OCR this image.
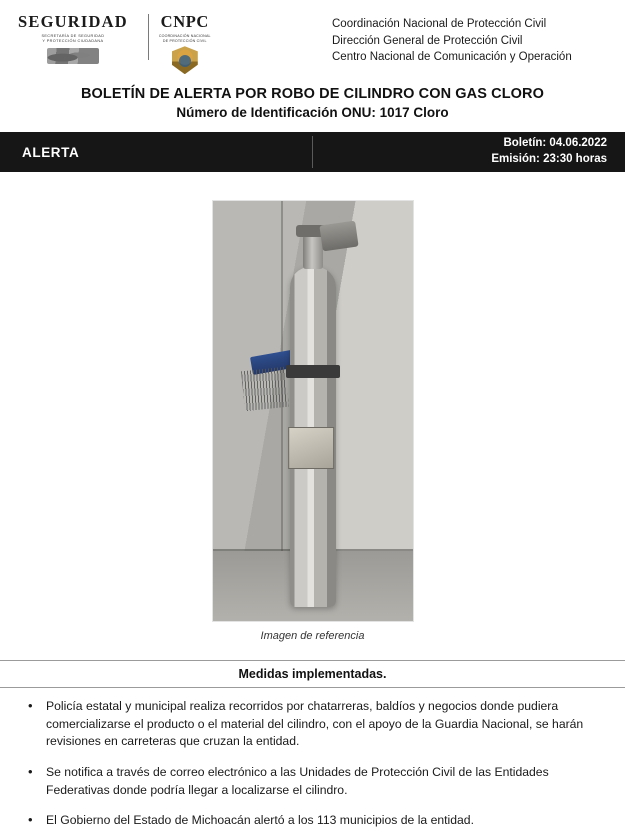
SEGURIDAD
SECRETARÍA DE SEGURIDAD
Y PROTECCIÓN CIUDADANA
CNPC
COORDINACIÓN NACIONAL
DE PROTECCIÓN CIVIL
Coordinación Nacional de Protección Civil
Dirección General de Protección Civil
Centro Nacional de Comunicación y Operación
BOLETÍN DE ALERTA POR ROBO DE CILINDRO CON GAS CLORO
Número de Identificación ONU: 1017 Cloro
ALERTA
Boletín: 04.06.2022
Emisión: 23:30 horas
Imagen de referencia
Medidas implementadas.
• Policía estatal y municipal realiza recorridos por chatarreras, baldíos y negocios donde pudiera comercializarse el producto o el material del cilindro, con el apoyo de la Guardia Nacional, se harán revisiones en carreteras que cruzan la entidad.
• Se notifica a través de correo electrónico a las Unidades de Protección Civil de las Entidades Federativas donde podría llegar a localizarse el cilindro.
• El Gobierno del Estado de Michoacán alertó a los 113 municipios de la entidad.
